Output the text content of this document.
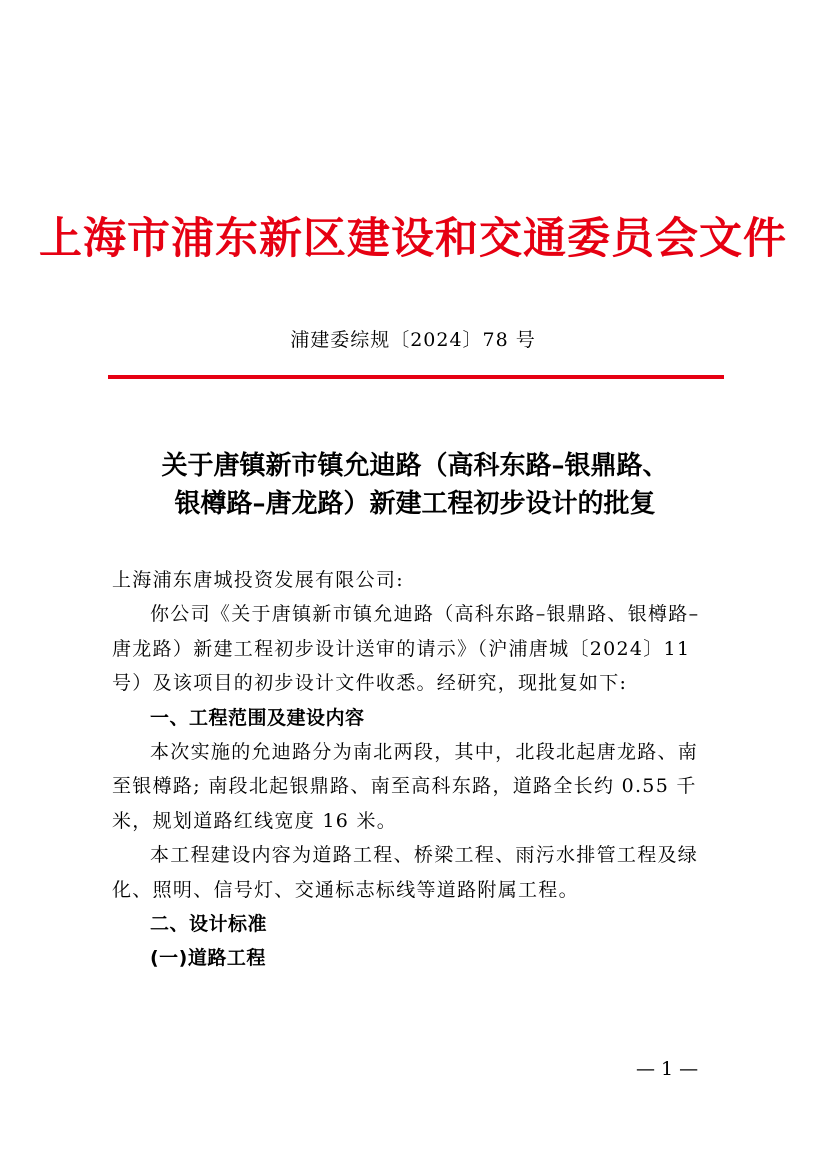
上海市浦东新区建设和交通委员会文件
浦建委综规〔2024〕78 号
关于唐镇新市镇允迪路（高科东路–银鼎路、
银樽路–唐龙路）新建工程初步设计的批复

上海浦东唐城投资发展有限公司:

你公司《关于唐镇新市镇允迪路（高科东路–银鼎路、银樽路–唐龙路）新建工程初步设计送审的请示》（沪浦唐城〔2024〕11 号）及该项目的初步设计文件收悉。经研究，现批复如下:

一、工程范围及建设内容

本次实施的允迪路分为南北两段，其中，北段北起唐龙路、南至银樽路; 南段北起银鼎路、南至高科东路，道路全长约 0.55 千米，规划道路红线宽度 16 米。

本工程建设内容为道路工程、桥梁工程、雨污水排管工程及绿化、照明、信号灯、交通标志标线等道路附属工程。

二、设计标准

(一)道路工程

— 1 —
